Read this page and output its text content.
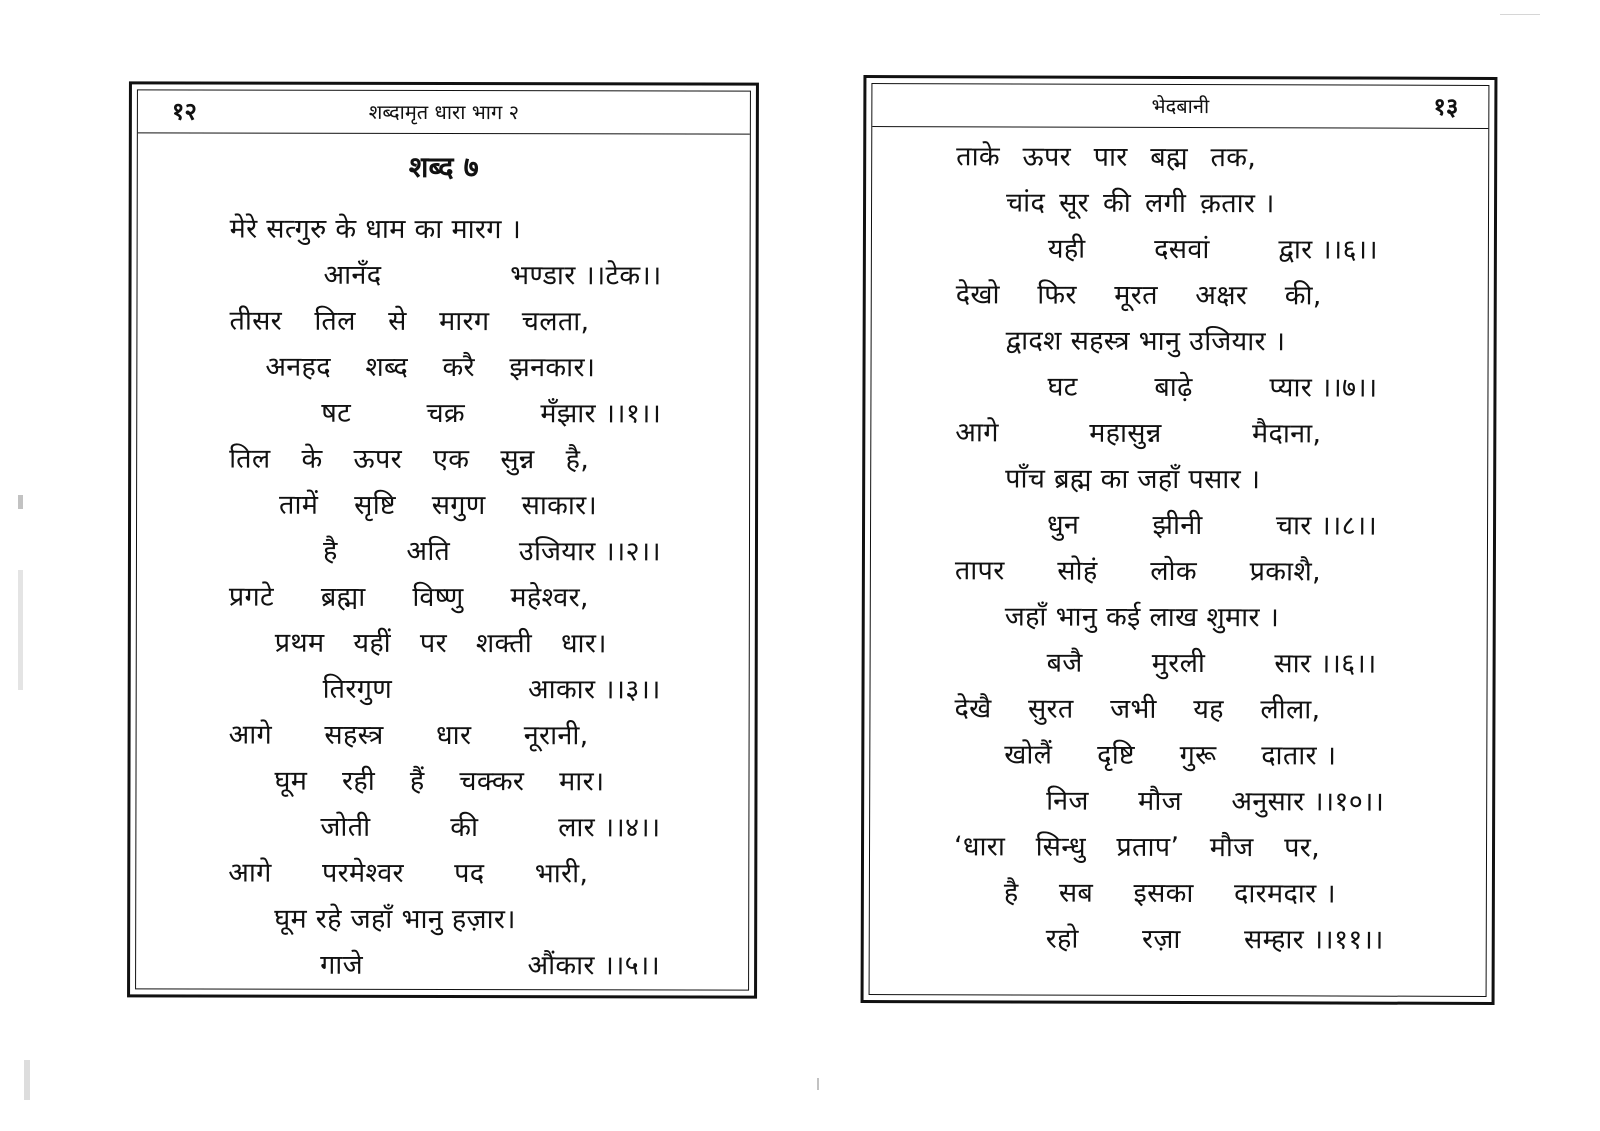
१२	शब्दामृत धारा भाग २
शब्द ७
मेरे सत्गुरु के धाम का मारग ।
आनँद	भण्डार ।।टेक।।
तीसर तिल से मारग चलता,
अनहद शब्द करै झनकार।
षट	चक्र	मँझार ।।१।।
तिल के ऊपर एक सुन्न है,
तामें सृष्टि सगुण साकार।
है	अति	उजियार ।।२।।
प्रगटे ब्रह्मा विष्णु महेश्वर,
प्रथम यहीं पर शक्ती धार।
तिरगुण	आकार ।।३।।
आगे सहस्त्र धार नूरानी,
घूम रही हैं चक्कर मार।
जोती	की	लार ।।४।।
आगे परमेश्वर पद भारी,
घूम रहे जहाँ भानु हज़ार।
गाजे	औंकार ।।५।।
भेदबानी	१३
ताके ऊपर पार बह्म तक,
चांद सूर की लगी क़तार ।
यही	दसवां	द्वार ।।६।।
देखो फिर मूरत अक्षर की,
द्वादश सहस्त्र भानु उजियार ।
घट	बाढ़े	प्यार ।।७।।
आगे	महासुन्न	मैदाना,
पाँच ब्रह्म का जहाँ पसार ।
धुन	झीनी	चार ।।८।।
तापर सोहं लोक प्रकाशै,
जहाँ भानु कई लाख शुमार ।
बजै	मुरली	सार ।।६।।
देखै सुरत जभी यह लीला,
खोलैं दृष्टि गुरू दातार ।
निज मौज अनुसार ।।१०।।
‘धारा सिन्धु प्रताप’ मौज पर,
है सब इसका दारमदार ।
रहो रज़ा सम्हार ।।११।।
